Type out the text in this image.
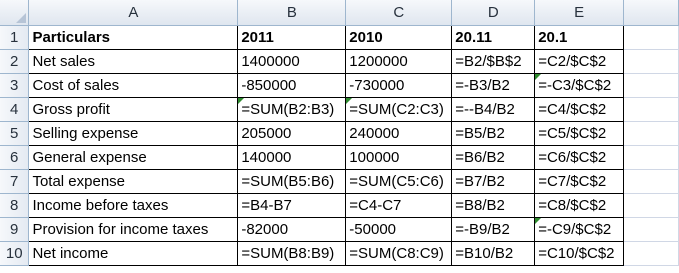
	A	B	C	D	E	
1	Particulars	2011	2010	20.11	20.1	
2	Net sales	1400000	1200000	=B2/$B$2	=C2/$C$2	
3	Cost of sales	-850000	-730000	=-B3/B2	=-C3/$C$2	
4	Gross profit	=SUM(B2:B3)	=SUM(C2:C3)	=--B4/B2	=C4/$C$2	
5	Selling expense	205000	240000	=B5/B2	=C5/$C$2	
6	General expense	140000	100000	=B6/B2	=C6/$C$2	
7	Total expense	=SUM(B5:B6)	=SUM(C5:C6)	=B7/B2	=C7/$C$2	
8	Income before taxes	=B4-B7	=C4-C7	=B8/B2	=C8/$C$2	
9	Provision for income taxes	-82000	-50000	=-B9/B2	=-C9/$C$2	
10	Net income	=SUM(B8:B9)	=SUM(C8:C9)	=B10/B2	=C10/$C$2	
